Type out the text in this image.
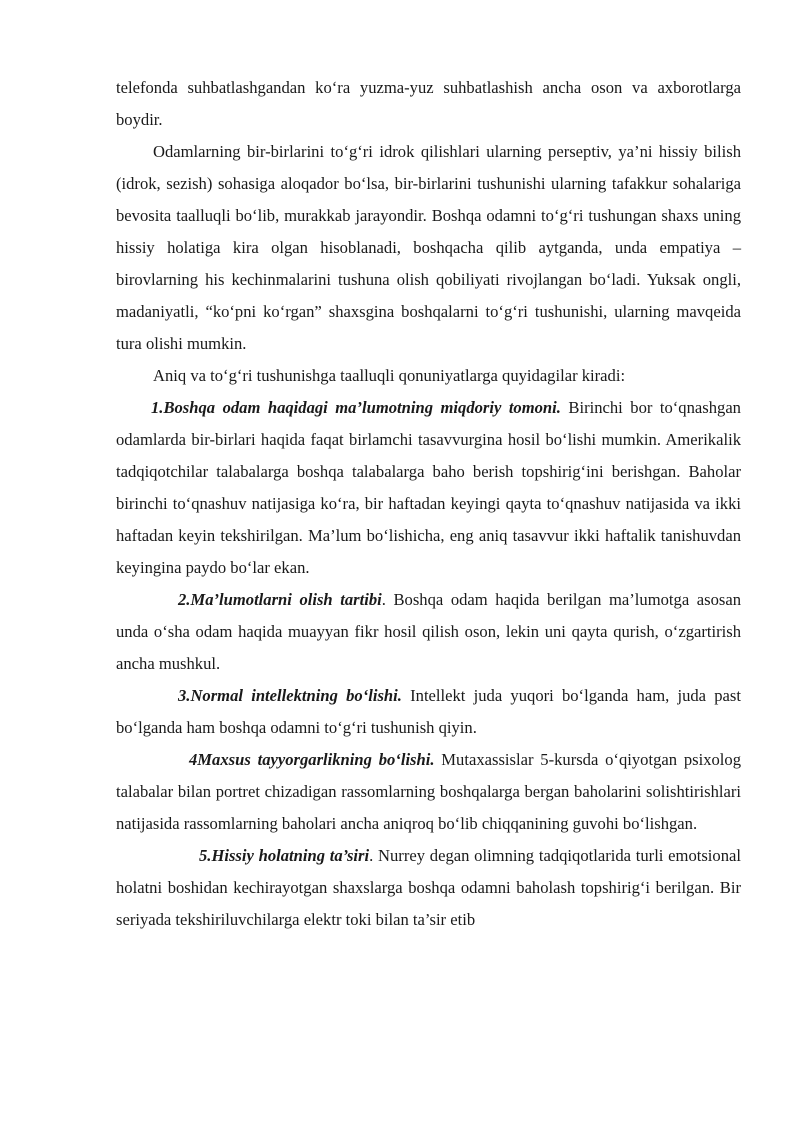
telefonda suhbatlashgandan ko‘ra yuzma-yuz suhbatlashish ancha oson va axborotlarga boydir.

Odamlarning bir-birlarini to‘g‘ri idrok qilishlari ularning perseptiv, ya’ni hissiy bilish (idrok, sezish) sohasiga aloqador bo‘lsa, bir-birlarini tushunishi ularning tafakkur sohalariga bevosita taalluqli bo‘lib, murakkab jarayondir. Boshqa odamni to‘g‘ri tushungan shaxs uning hissiy holatiga kira olgan hisoblanadi, boshqacha qilib aytganda, unda empatiya – birovlarning his kechinmalarini tushuna olish qobiliyati rivojlangan bo‘ladi. Yuksak ongli, madaniyatli, “ko‘pni ko‘rgan” shaxsgina boshqalarni to‘g‘ri tushunishi, ularning mavqeida tura olishi mumkin.

Aniq va to‘g‘ri tushunishga taalluqli qonuniyatlarga quyidagilar kiradi:

1.Boshqa odam haqidagi ma’lumotning miqdoriy tomoni. Birinchi bor to‘qnashgan odamlarda bir-birlari haqida faqat birlamchi tasavvurgina hosil bo‘lishi mumkin. Amerikalik tadqiqotchilar talabalarga boshqa talabalarga baho berish topshirig‘ini berishgan. Baholar birinchi to‘qnashuv natijasiga ko‘ra, bir haftadan keyingi qayta to‘qnashuv natijasida va ikki haftadan keyin tekshirilgan. Ma’lum bo‘lishicha, eng aniq tasavvur ikki haftalik tanishuvdan keyingina paydo bo‘lar ekan.

2.Ma’lumotlarni olish tartibi. Boshqa odam haqida berilgan ma’lumotga asosan unda o‘sha odam haqida muayyan fikr hosil qilish oson, lekin uni qayta qurish, o‘zgartirish ancha mushkul.

3.Normal intellektning bo‘lishi. Intellekt juda yuqori bo‘lganda ham, juda past bo‘lganda ham boshqa odamni to‘g‘ri tushunish qiyin.

4Maxsus tayyorgarlikning bo‘lishi. Mutaxassislar 5-kursda o‘qiyotgan psixolog talabalar bilan portret chizadigan rassomlarning boshqalarga bergan baholarini solishtirishlari natijasida rassomlarning baholari ancha aniqroq bo‘lib chiqqanining guvohi bo‘lishgan.

5.Hissiy holatning ta’siri. Nurrey degan olimning tadqiqotlarida turli emotsional holatni boshidan kechirayotgan shaxslarga boshqa odamni baholash topshirig‘i berilgan. Bir seriyada tekshiriluvchilarga elektr toki bilan ta’sir etib
